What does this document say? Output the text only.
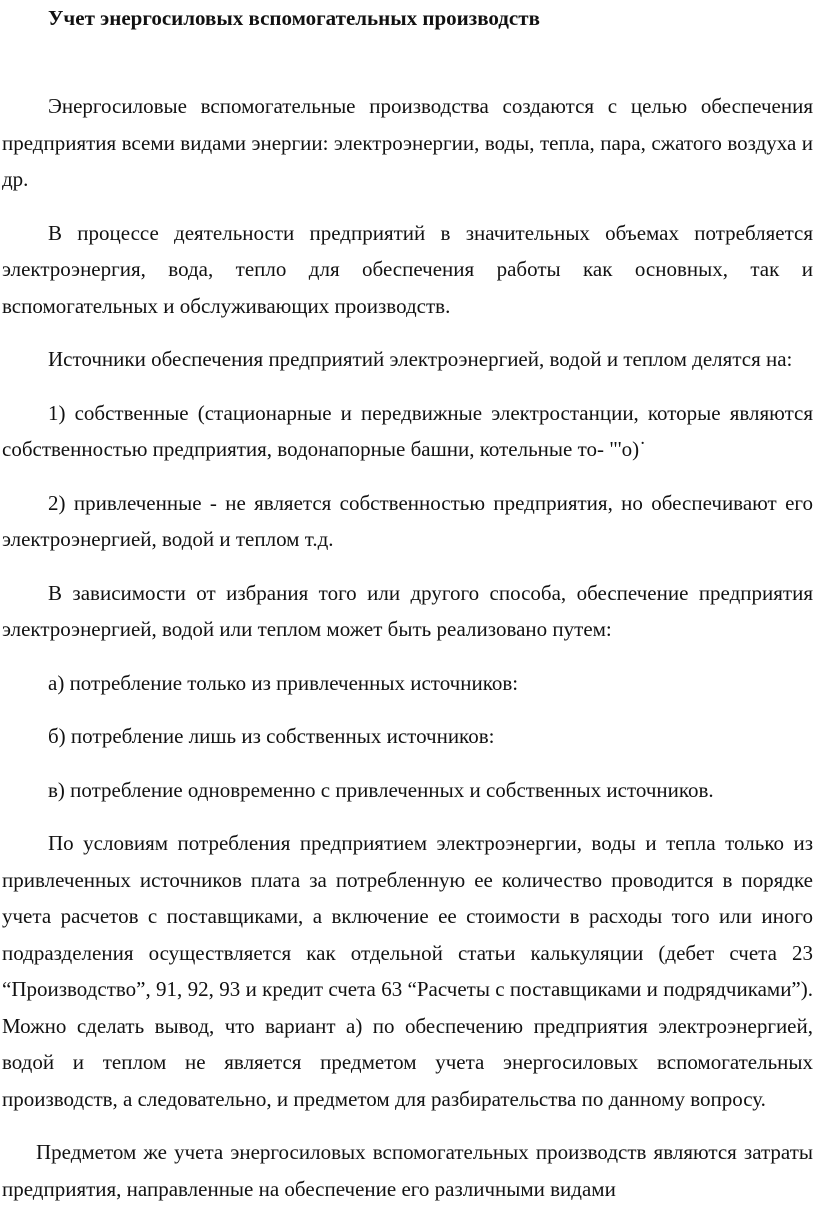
Учет энергосиловых вспомогательных производств

Энергосиловые вспомогательные производства создаются с целью обеспечения предприятия всеми видами энергии: электроэнергии, воды, тепла, пара, сжатого воздуха и др.

В процессе деятельности предприятий в значительных объемах потребляется электроэнергия, вода, тепло для обеспечения работы как основных, так и вспомогательных и обслуживающих производств.

Источники обеспечения предприятий электроэнергией, водой и теплом делятся на:

1) собственные (стационарные и передвижные электростанции, которые являются собственностью предприятия, водонапорные башни, котельные то- "'о)˙

2) привлеченные - не является собственностью предприятия, но обеспечивают его электроэнергией, водой и теплом т.д.

В зависимости от избрания того или другого способа, обеспечение предприятия электроэнергией, водой или теплом может быть реализовано путем:

а) потребление только из привлеченных источников:

б) потребление лишь из собственных источников:

в) потребление одновременно с привлеченных и собственных источников.

По условиям потребления предприятием электроэнергии, воды и тепла только из привлеченных источников плата за потребленную ее количество проводится в порядке учета расчетов с поставщиками, а включение ее стоимости в расходы того или иного подразделения осуществляется как отдельной статьи калькуляции (дебет счета 23 “Производство”, 91, 92, 93 и кредит счета 63 “Расчеты с поставщиками и подрядчиками”). Можно сделать вывод, что вариант а) по обеспечению предприятия электроэнергией, водой и теплом не является предметом учета энергосиловых вспомогательных производств, а следовательно, и предметом для разбирательства по данному вопросу.

Предметом же учета энергосиловых вспомогательных производств являются затраты предприятия, направленные на обеспечение его различными видами
